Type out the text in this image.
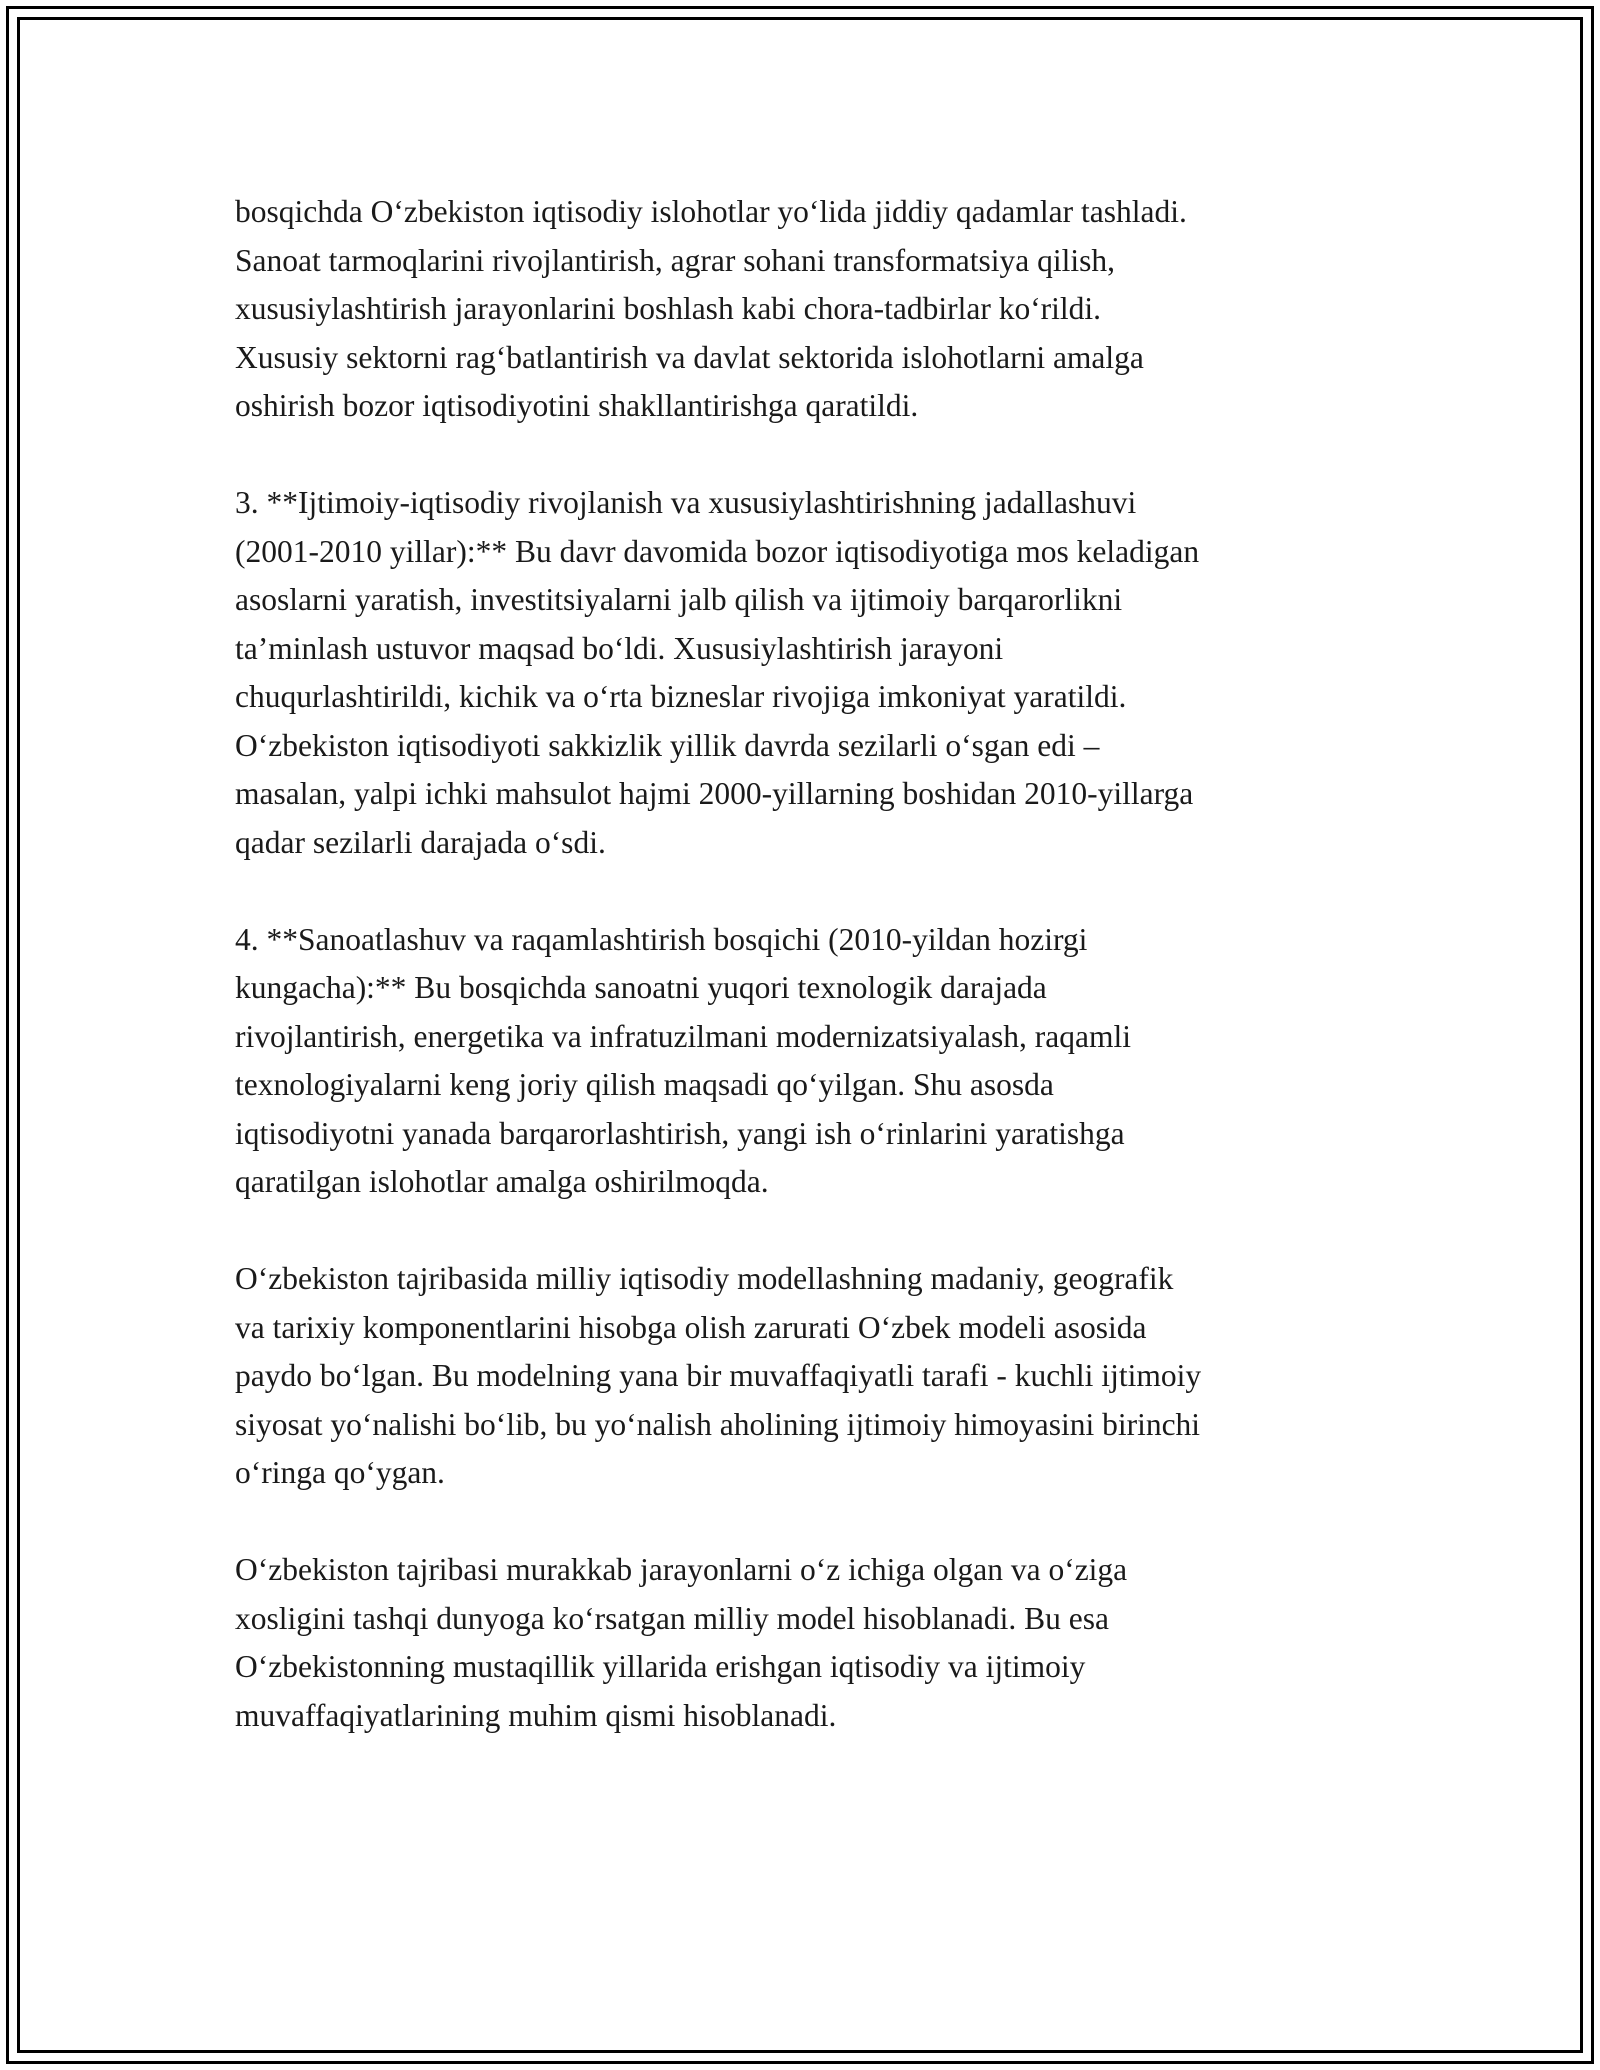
bosqichda O‘zbekiston iqtisodiy islohotlar yo‘lida jiddiy qadamlar tashladi.
Sanoat tarmoqlarini rivojlantirish, agrar sohani transformatsiya qilish,
xususiylashtirish jarayonlarini boshlash kabi chora-tadbirlar ko‘rildi.
Xususiy sektorni rag‘batlantirish va davlat sektorida islohotlarni amalga
oshirish bozor iqtisodiyotini shakllantirishga qaratildi.

3. **Ijtimoiy-iqtisodiy rivojlanish va xususiylashtirishning jadallashuvi
(2001-2010 yillar):** Bu davr davomida bozor iqtisodiyotiga mos keladigan
asoslarni yaratish, investitsiyalarni jalb qilish va ijtimoiy barqarorlikni
ta’minlash ustuvor maqsad bo‘ldi. Xususiylashtirish jarayoni
chuqurlashtirildi, kichik va o‘rta bizneslar rivojiga imkoniyat yaratildi.
O‘zbekiston iqtisodiyoti sakkizlik yillik davrda sezilarli o‘sgan edi –
masalan, yalpi ichki mahsulot hajmi 2000-yillarning boshidan 2010-yillarga
qadar sezilarli darajada o‘sdi.

4. **Sanoatlashuv va raqamlashtirish bosqichi (2010-yildan hozirgi
kungacha):** Bu bosqichda sanoatni yuqori texnologik darajada
rivojlantirish, energetika va infratuzilmani modernizatsiyalash, raqamli
texnologiyalarni keng joriy qilish maqsadi qo‘yilgan. Shu asosda
iqtisodiyotni yanada barqarorlashtirish, yangi ish o‘rinlarini yaratishga
qaratilgan islohotlar amalga oshirilmoqda.

O‘zbekiston tajribasida milliy iqtisodiy modellashning madaniy, geografik
va tarixiy komponentlarini hisobga olish zarurati O‘zbek modeli asosida
paydo bo‘lgan. Bu modelning yana bir muvaffaqiyatli tarafi - kuchli ijtimoiy
siyosat yo‘nalishi bo‘lib, bu yo‘nalish aholining ijtimoiy himoyasini birinchi
o‘ringa qo‘ygan.

O‘zbekiston tajribasi murakkab jarayonlarni o‘z ichiga olgan va o‘ziga
xosligini tashqi dunyoga ko‘rsatgan milliy model hisoblanadi. Bu esa
O‘zbekistonning mustaqillik yillarida erishgan iqtisodiy va ijtimoiy
muvaffaqiyatlarining muhim qismi hisoblanadi.
